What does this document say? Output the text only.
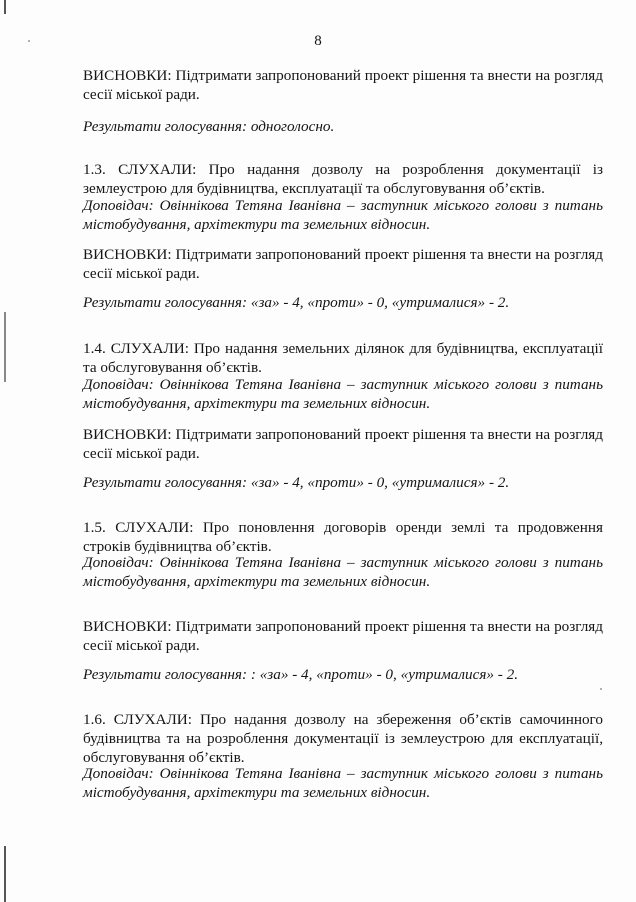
8

ВИСНОВКИ: Підтримати запропонований проект рішення та внести на розгляд сесії міської ради.

Результати голосування: одноголосно.

1.3. СЛУХАЛИ: Про надання дозволу на розроблення документації із землеустрою для будівництва, експлуатації та обслуговування об’єктів.

Доповідач: Овіннікова Тетяна Іванівна – заступник міського голови з питань містобудування, архітектури та земельних відносин.

ВИСНОВКИ: Підтримати запропонований проект рішення та внести на розгляд сесії міської ради.

Результати голосування: «за» - 4, «проти» - 0, «утрималися» - 2.

1.4. СЛУХАЛИ: Про надання земельних ділянок для будівництва, експлуатації та обслуговування об’єктів.

Доповідач: Овіннікова Тетяна Іванівна – заступник міського голови з питань містобудування, архітектури та земельних відносин.

ВИСНОВКИ: Підтримати запропонований проект рішення та внести на розгляд сесії міської ради.

Результати голосування: «за» - 4, «проти» - 0, «утрималися» - 2.

1.5. СЛУХАЛИ: Про поновлення договорів оренди землі та продовження строків будівництва об’єктів.

Доповідач: Овіннікова Тетяна Іванівна – заступник міського голови з питань містобудування, архітектури та земельних відносин.

ВИСНОВКИ: Підтримати запропонований проект рішення та внести на розгляд сесії міської ради.

Результати голосування: : «за» - 4, «проти» - 0, «утрималися» - 2.

1.6. СЛУХАЛИ: Про надання дозволу на збереження об’єктів самочинного будівництва та на розроблення документації із землеустрою для експлуатації, обслуговування об’єктів.

Доповідач: Овіннікова Тетяна Іванівна – заступник міського голови з питань містобудування, архітектури та земельних відносин.
